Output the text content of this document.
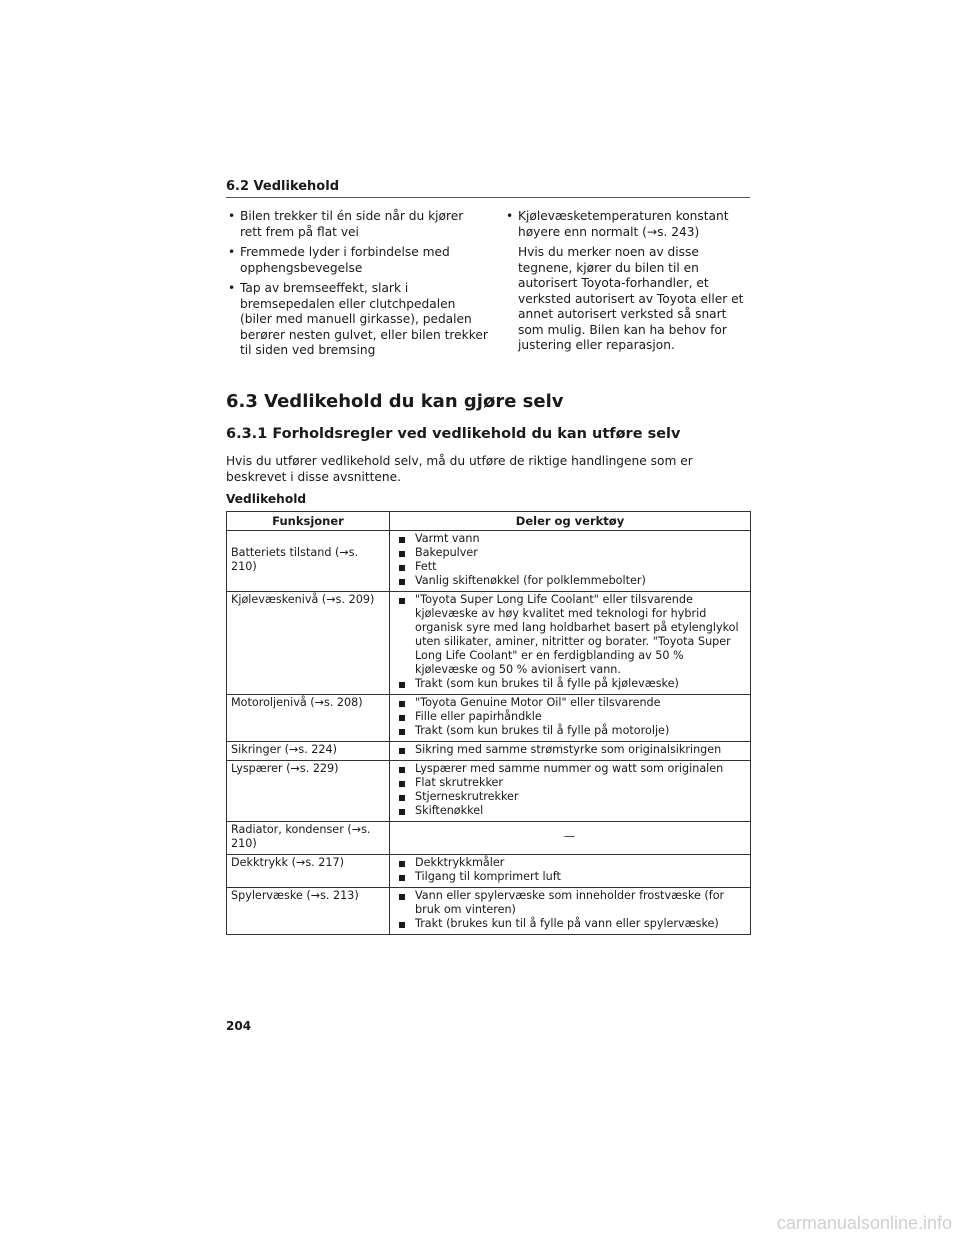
6.2 Vedlikehold
• Bilen trekker til én side når du kjører rett frem på flat vei
• Fremmede lyder i forbindelse med opphengsbevegelse
• Tap av bremseeffekt, slark i bremsepedalen eller clutchpedalen (biler med manuell girkasse), pedalen berører nesten gulvet, eller bilen trekker til siden ved bremsing
• Kjølevæsketemperaturen konstant høyere enn normalt (→s. 243)
Hvis du merker noen av disse tegnene, kjører du bilen til en autorisert Toyota-forhandler, et verksted autorisert av Toyota eller et annet autorisert verksted så snart som mulig. Bilen kan ha behov for justering eller reparasjon.
6.3 Vedlikehold du kan gjøre selv
6.3.1 Forholdsregler ved vedlikehold du kan utføre selv
Hvis du utfører vedlikehold selv, må du utføre de riktige handlingene som er beskrevet i disse avsnittene.
Vedlikehold
Funksjoner	Deler og verktøy
Batteriets tilstand (→s. 210)	Varmt vann
Bakepulver
Fett
Vanlig skiftenøkkel (for polklemmebolter)

Kjølevæskenivå (→s. 209)	"Toyota Super Long Life Coolant" eller tilsvarende kjølevæske av høy kvalitet med teknologi for hybrid organisk syre med lang holdbarhet basert på etylenglykol uten silikater, aminer, nitritter og borater. "Toyota Super Long Life Coolant" er en ferdigblanding av 50 % kjølevæske og 50 % avionisert vann.
Trakt (som kun brukes til å fylle på kjølevæske)

Motoroljenivå (→s. 208)	"Toyota Genuine Motor Oil" eller tilsvarende
Fille eller papirhåndkle
Trakt (som kun brukes til å fylle på motorolje)

Sikringer (→s. 224)	Sikring med samme strømstyrke som originalsikringen

Lyspærer (→s. 229)	Lyspærer med samme nummer og watt som originalen
Flat skrutrekker
Stjerneskrutrekker
Skiftenøkkel

Radiator, kondenser (→s. 210)	—
Dekktrykk (→s. 217)	Dekktrykkmåler
Tilgang til komprimert luft

Spylervæske (→s. 213)	Vann eller spylervæske som inneholder frostvæske (for bruk om vinteren)
Trakt (brukes kun til å fylle på vann eller spylervæske)
204
carmanualsonline.info
